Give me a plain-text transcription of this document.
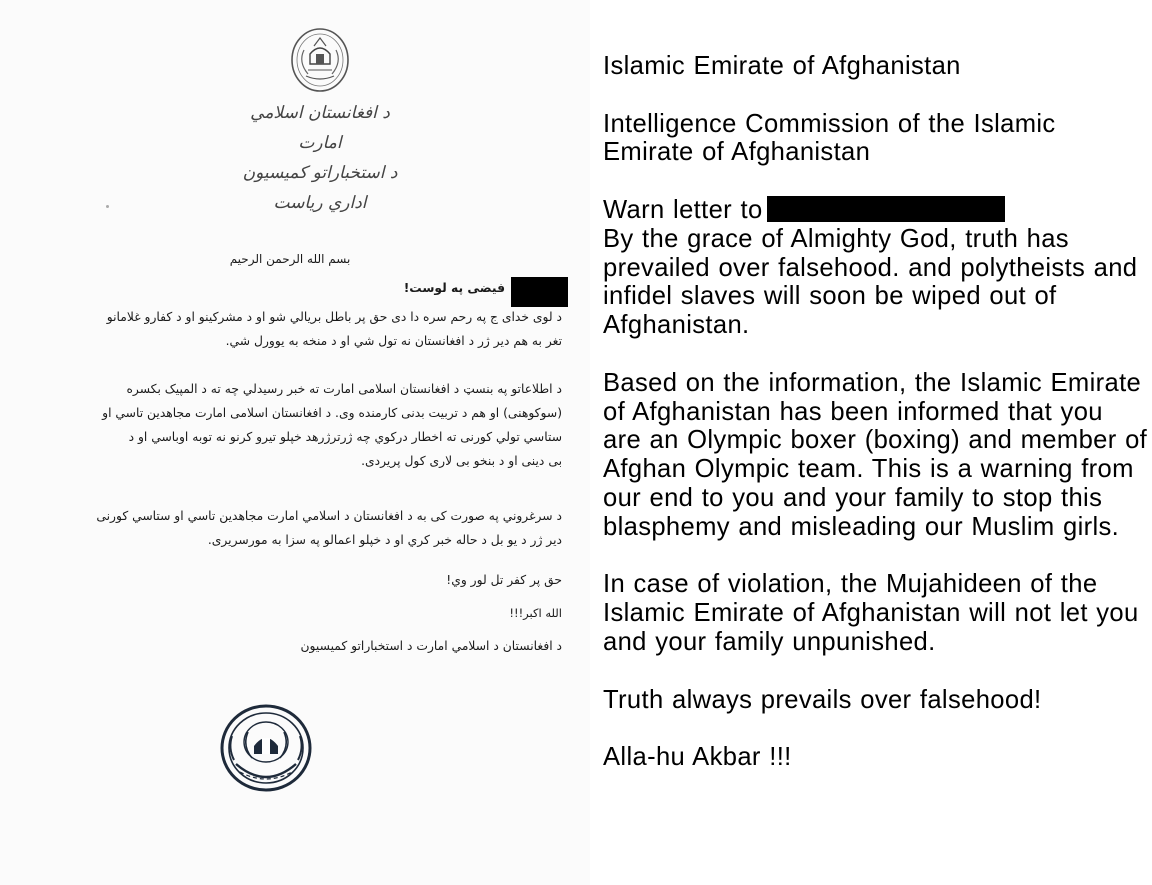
د افغانستان اسلامي امارت
د استخباراتو کمیسیون
اداري رياست
بسم الله الرحمن الرحیم
فیضی په لوست!
د لوی خدای ج په رحم سره دا دی حق پر باطل بریالي شو او د مشرکینو او د کفارو غلامانو
تغر به هم دیر ژر د افغانستان نه تول شي او د منخه به یوورل شي.
د اطلاعاتو په بنسټ د افغانستان اسلامی امارت ته خبر رسیدلي چه ته د المپیک بکسره
(سوکوهنی) او هم د تربیت بدنی کارمنده وی. د افغانستان اسلامی امارت مجاهدین تاسي او
ستاسي تولي کورنی ته اخطار درکوي چه ژرترژرهد خپلو تیرو کرنو نه توبه اوباسي او د
بی دینی او د بنخو بی لاری کول پریردی.
د سرغروني په صورت کی به د افغانستان د اسلامي امارت مجاهدین تاسي او ستاسي کورنی
دیر ژر د یو بل د حاله خبر کري او د خپلو اعمالو په سزا به مورسریری.
حق پر کفر تل لور وي!
الله اکبر!!!
د افغانستان د اسلامي امارت د استخباراتو کمیسیون

Islamic Emirate of Afghanistan

Intelligence Commission of the Islamic Emirate of Afghanistan

Warn letter to

By the grace of Almighty God, truth has prevailed over falsehood. and polytheists and infidel slaves will soon be wiped out of Afghanistan.

Based on the information, the Islamic Emirate of Afghanistan has been informed that you are an Olympic boxer (boxing) and member of Afghan Olympic team. This is a warning from our end to you and your family to stop this blasphemy and misleading our Muslim girls.

In case of violation, the Mujahideen of the Islamic Emirate of Afghanistan will not let you and your family unpunished.

Truth always prevails over falsehood!

Alla-hu Akbar !!!
